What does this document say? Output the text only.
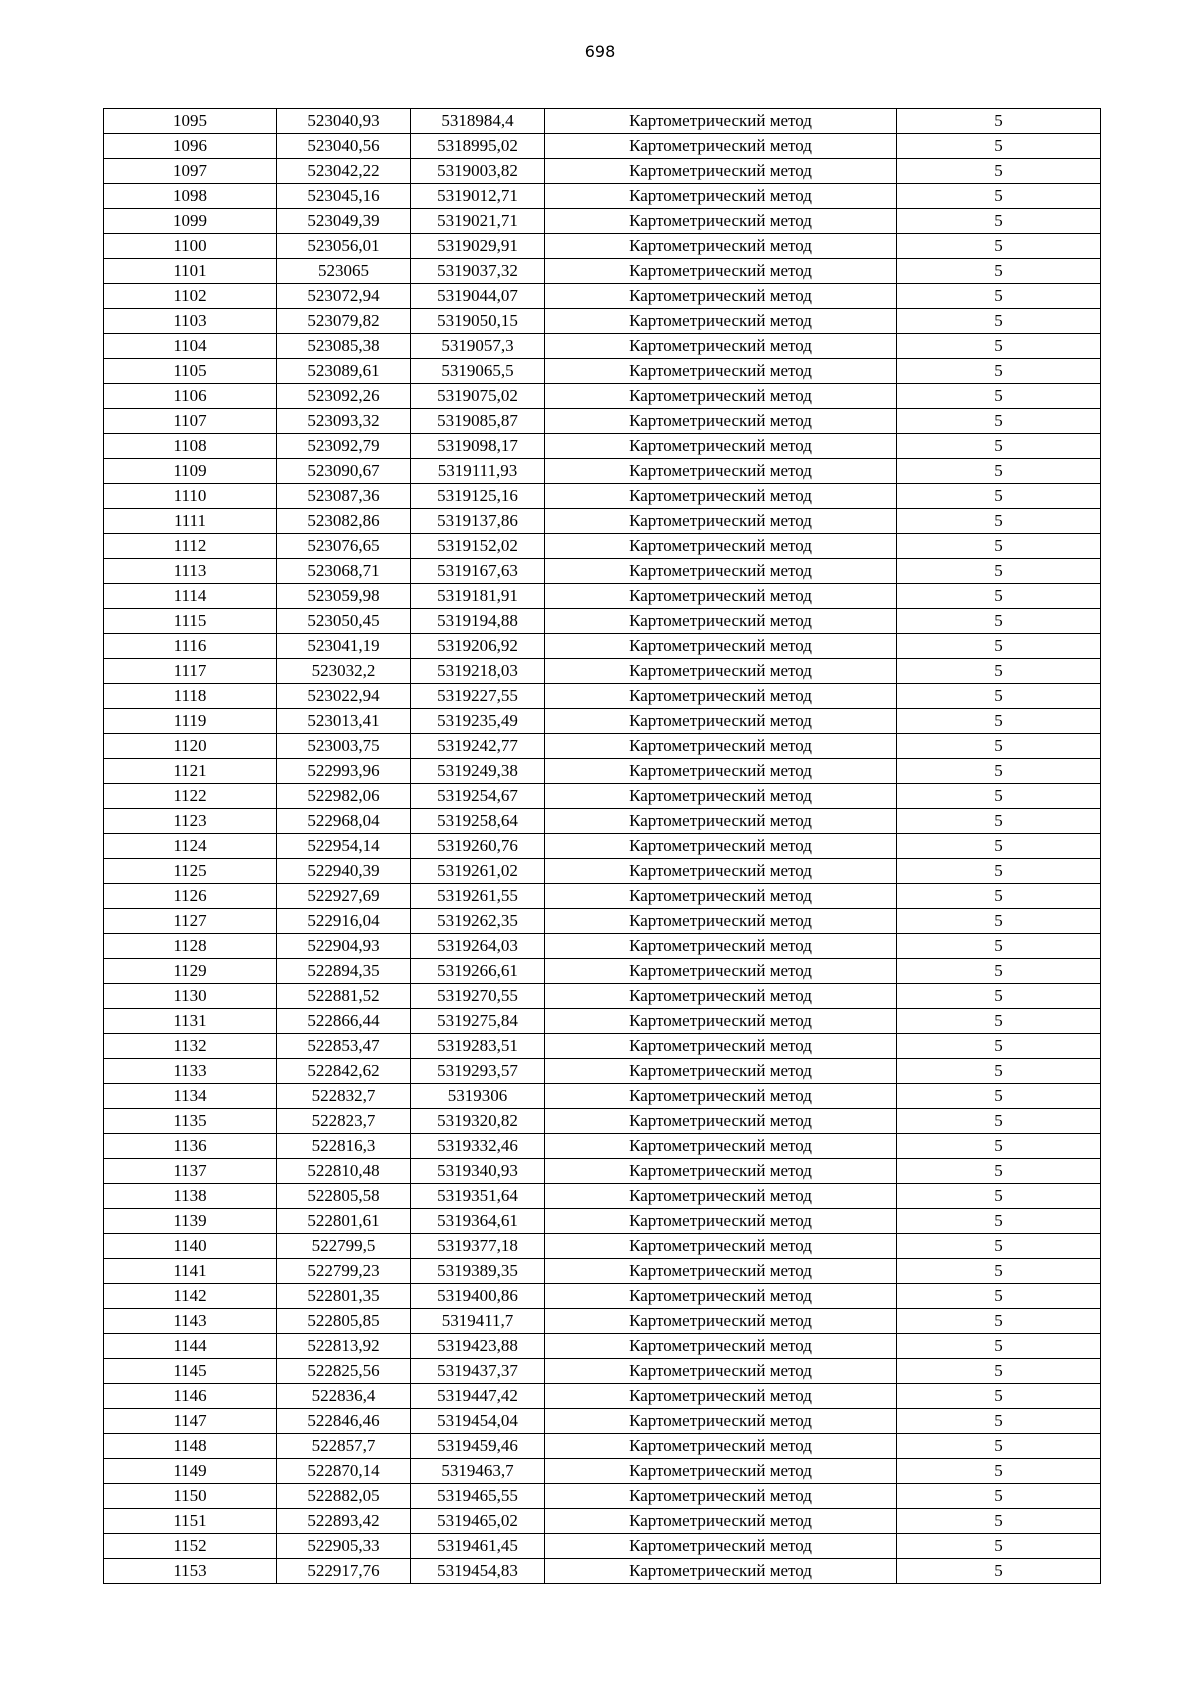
698
1095	523040,93	5318984,4	Картометрический метод	5
1096	523040,56	5318995,02	Картометрический метод	5
1097	523042,22	5319003,82	Картометрический метод	5
1098	523045,16	5319012,71	Картометрический метод	5
1099	523049,39	5319021,71	Картометрический метод	5
1100	523056,01	5319029,91	Картометрический метод	5
1101	523065	5319037,32	Картометрический метод	5
1102	523072,94	5319044,07	Картометрический метод	5
1103	523079,82	5319050,15	Картометрический метод	5
1104	523085,38	5319057,3	Картометрический метод	5
1105	523089,61	5319065,5	Картометрический метод	5
1106	523092,26	5319075,02	Картометрический метод	5
1107	523093,32	5319085,87	Картометрический метод	5
1108	523092,79	5319098,17	Картометрический метод	5
1109	523090,67	5319111,93	Картометрический метод	5
1110	523087,36	5319125,16	Картометрический метод	5
1111	523082,86	5319137,86	Картометрический метод	5
1112	523076,65	5319152,02	Картометрический метод	5
1113	523068,71	5319167,63	Картометрический метод	5
1114	523059,98	5319181,91	Картометрический метод	5
1115	523050,45	5319194,88	Картометрический метод	5
1116	523041,19	5319206,92	Картометрический метод	5
1117	523032,2	5319218,03	Картометрический метод	5
1118	523022,94	5319227,55	Картометрический метод	5
1119	523013,41	5319235,49	Картометрический метод	5
1120	523003,75	5319242,77	Картометрический метод	5
1121	522993,96	5319249,38	Картометрический метод	5
1122	522982,06	5319254,67	Картометрический метод	5
1123	522968,04	5319258,64	Картометрический метод	5
1124	522954,14	5319260,76	Картометрический метод	5
1125	522940,39	5319261,02	Картометрический метод	5
1126	522927,69	5319261,55	Картометрический метод	5
1127	522916,04	5319262,35	Картометрический метод	5
1128	522904,93	5319264,03	Картометрический метод	5
1129	522894,35	5319266,61	Картометрический метод	5
1130	522881,52	5319270,55	Картометрический метод	5
1131	522866,44	5319275,84	Картометрический метод	5
1132	522853,47	5319283,51	Картометрический метод	5
1133	522842,62	5319293,57	Картометрический метод	5
1134	522832,7	5319306	Картометрический метод	5
1135	522823,7	5319320,82	Картометрический метод	5
1136	522816,3	5319332,46	Картометрический метод	5
1137	522810,48	5319340,93	Картометрический метод	5
1138	522805,58	5319351,64	Картометрический метод	5
1139	522801,61	5319364,61	Картометрический метод	5
1140	522799,5	5319377,18	Картометрический метод	5
1141	522799,23	5319389,35	Картометрический метод	5
1142	522801,35	5319400,86	Картометрический метод	5
1143	522805,85	5319411,7	Картометрический метод	5
1144	522813,92	5319423,88	Картометрический метод	5
1145	522825,56	5319437,37	Картометрический метод	5
1146	522836,4	5319447,42	Картометрический метод	5
1147	522846,46	5319454,04	Картометрический метод	5
1148	522857,7	5319459,46	Картометрический метод	5
1149	522870,14	5319463,7	Картометрический метод	5
1150	522882,05	5319465,55	Картометрический метод	5
1151	522893,42	5319465,02	Картометрический метод	5
1152	522905,33	5319461,45	Картометрический метод	5
1153	522917,76	5319454,83	Картометрический метод	5
